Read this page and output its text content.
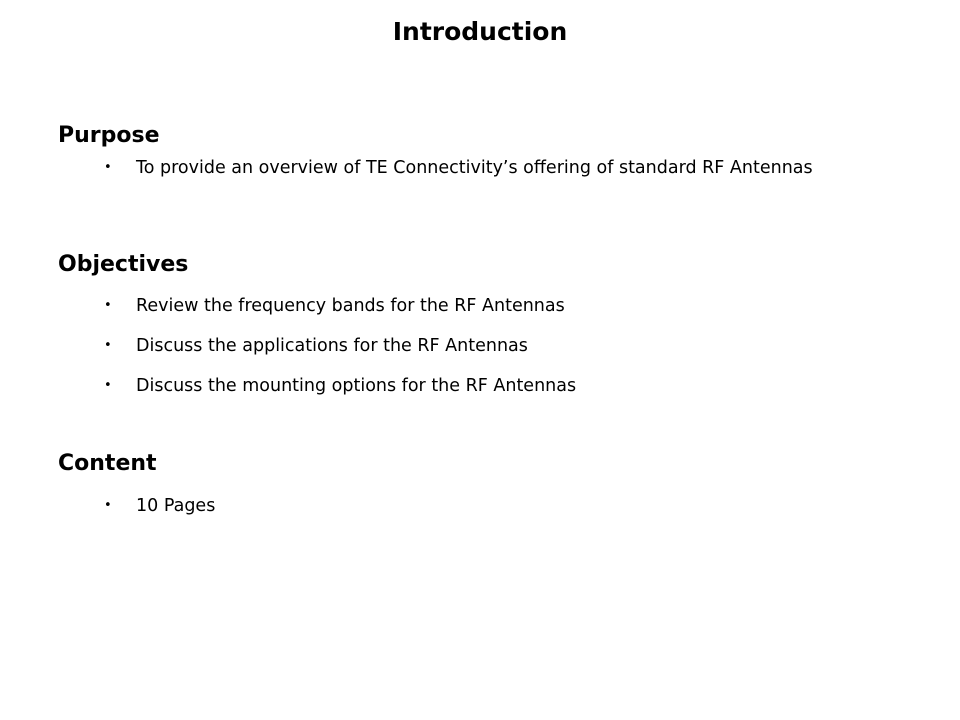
Introduction
Purpose
•	To provide an overview of TE Connectivity’s offering of standard RF Antennas
Objectives
•	Review the frequency bands for the RF Antennas
•	Discuss the applications for the RF Antennas
•	Discuss the mounting options for the RF Antennas
Content
•	10 Pages
